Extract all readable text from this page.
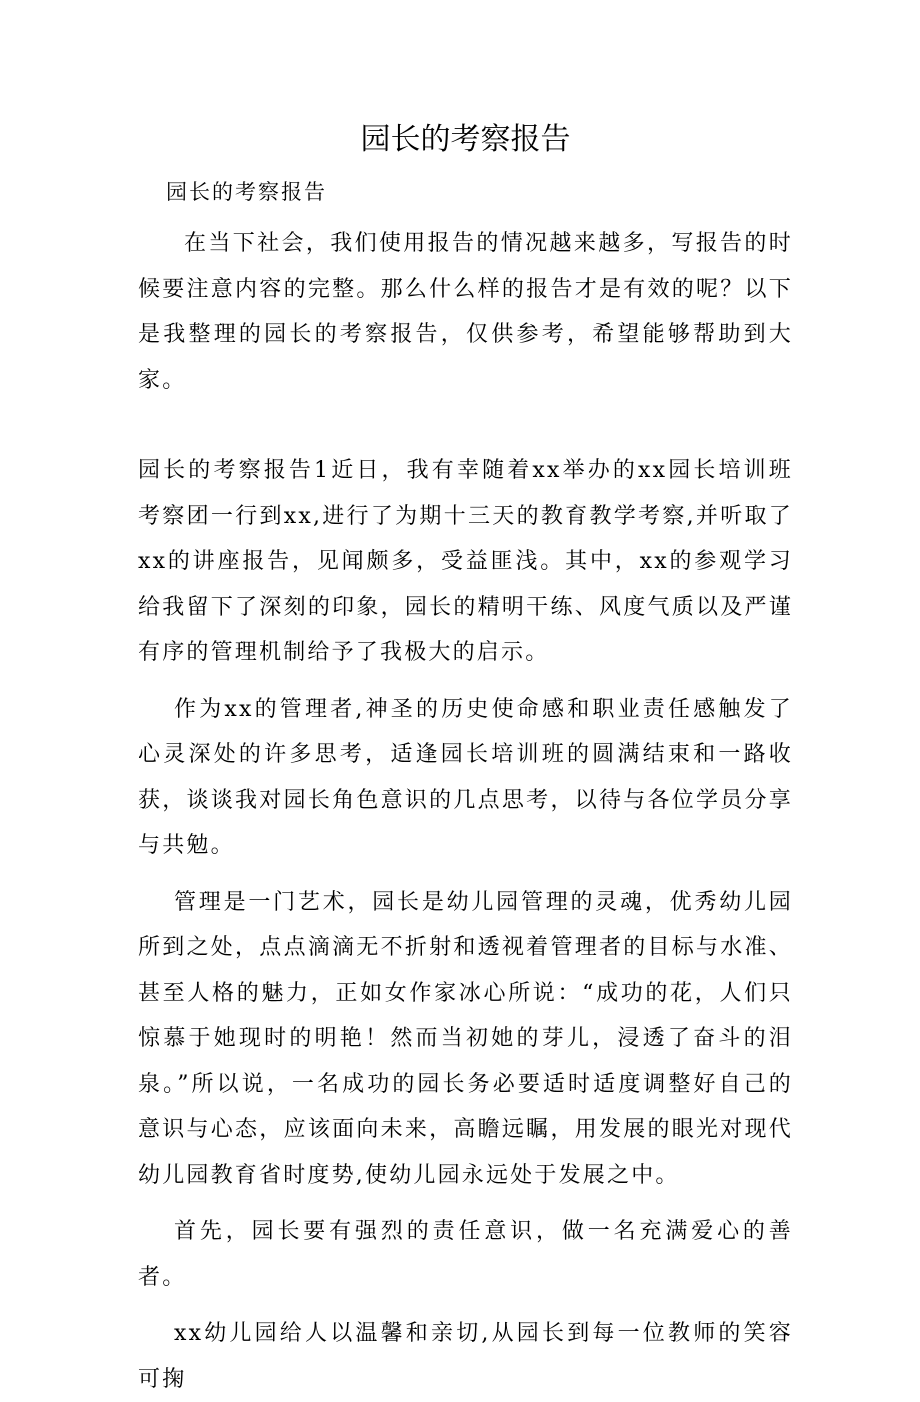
园长的考察报告

园长的考察报告

在当下社会，我们使用报告的情况越来越多，写报告的时候要注意内容的完整。那么什么样的报告才是有效的呢？以下是我整理的园长的考察报告，仅供参考，希望能够帮助到大家。

园长的考察报告1近日，我有幸随着xx举办的xx园长培训班考察团一行到xx,进行了为期十三天的教育教学考察,并听取了xx的讲座报告，见闻颇多，受益匪浅。其中，xx的参观学习给我留下了深刻的印象，园长的精明干练、风度气质以及严谨有序的管理机制给予了我极大的启示。

作为xx的管理者,神圣的历史使命感和职业责任感触发了心灵深处的许多思考，适逢园长培训班的圆满结束和一路收获，谈谈我对园长角色意识的几点思考，以待与各位学员分享与共勉。

管理是一门艺术，园长是幼儿园管理的灵魂，优秀幼儿园所到之处，点点滴滴无不折射和透视着管理者的目标与水准、甚至人格的魅力，正如女作家冰心所说：“成功的花，人们只惊慕于她现时的明艳！然而当初她的芽儿，浸透了奋斗的泪泉。”所以说，一名成功的园长务必要适时适度调整好自己的意识与心态，应该面向未来，高瞻远瞩，用发展的眼光对现代幼儿园教育省时度势,使幼儿园永远处于发展之中。

首先，园长要有强烈的责任意识，做一名充满爱心的善者。

xx幼儿园给人以温馨和亲切,从园长到每一位教师的笑容可掬
